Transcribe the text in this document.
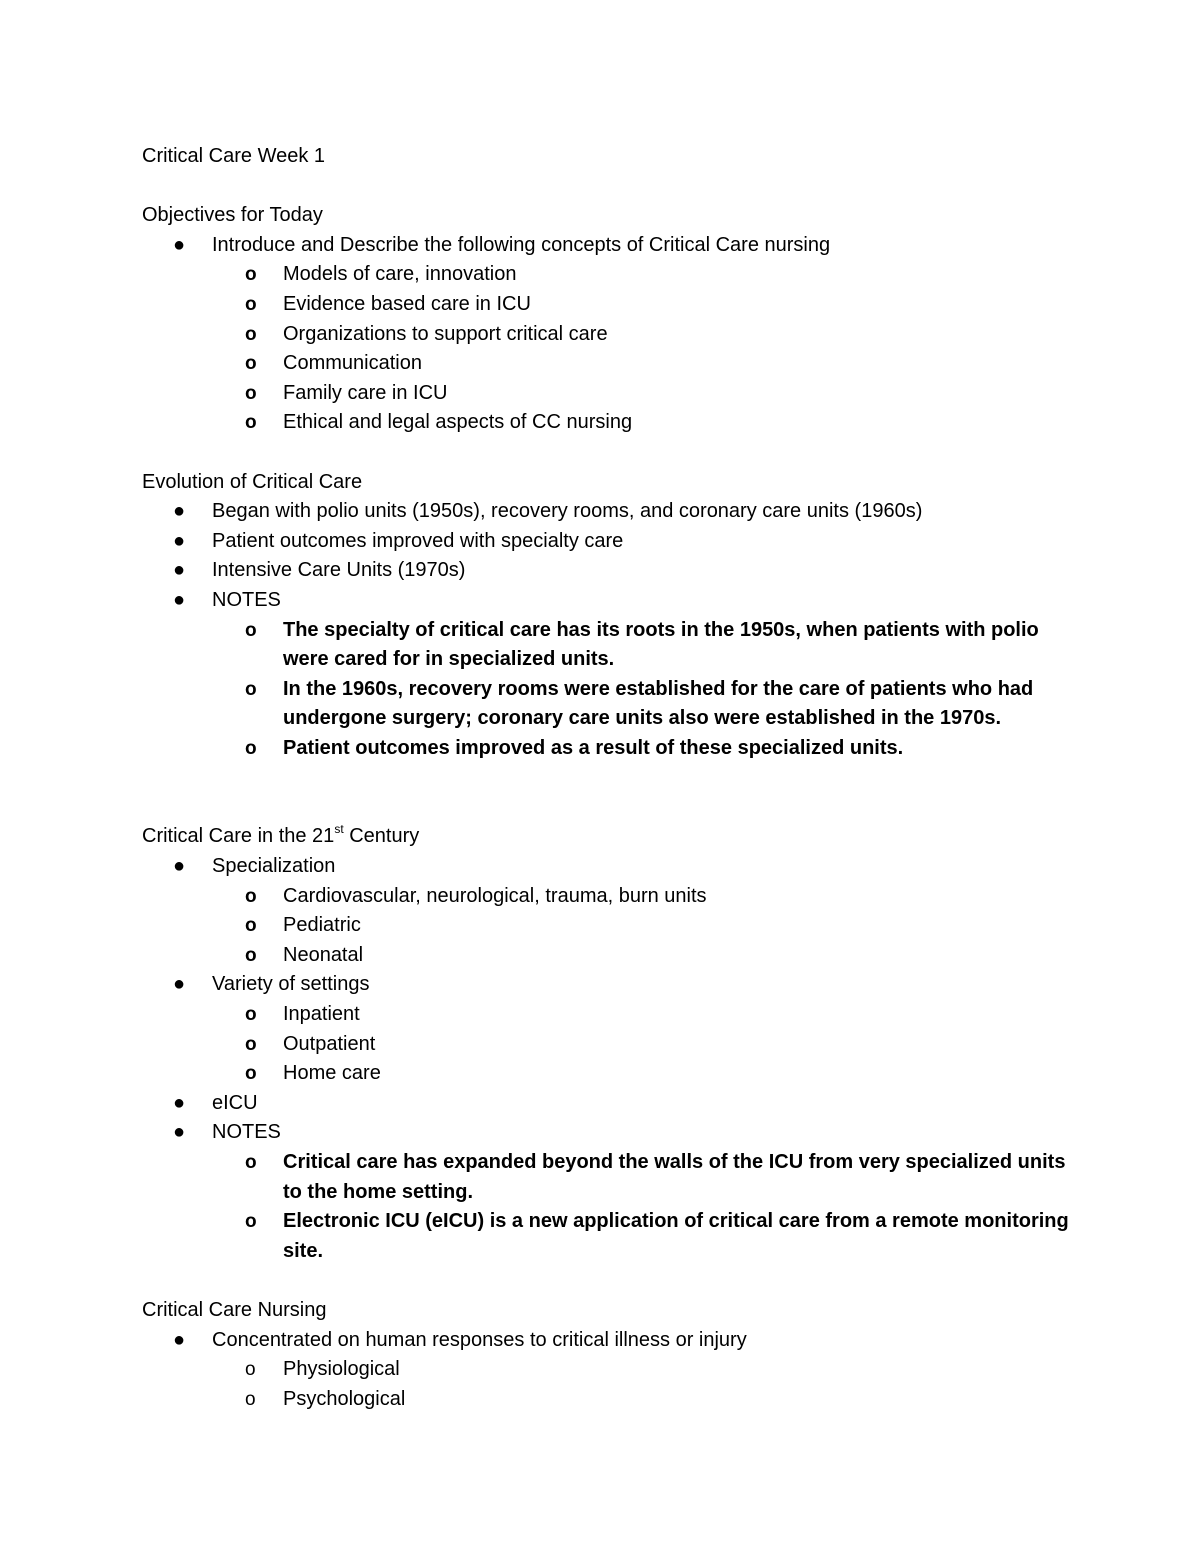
Critical Care Week 1
Objectives for Today
● Introduce and Describe the following concepts of Critical Care nursing
o Models of care, innovation
o Evidence based care in ICU
o Organizations to support critical care
o Communication
o Family care in ICU
o Ethical and legal aspects of CC nursing
Evolution of Critical Care
● Began with polio units (1950s), recovery rooms, and coronary care units (1960s)
● Patient outcomes improved with specialty care
● Intensive Care Units (1970s)
● NOTES
o The specialty of critical care has its roots in the 1950s, when patients with polio were cared for in specialized units.
o In the 1960s, recovery rooms were established for the care of patients who had undergone surgery; coronary care units also were established in the 1970s.
o Patient outcomes improved as a result of these specialized units.
Critical Care in the 21st Century
● Specialization
o Cardiovascular, neurological, trauma, burn units
o Pediatric
o Neonatal
● Variety of settings
o Inpatient
o Outpatient
o Home care
● eICU
● NOTES
o Critical care has expanded beyond the walls of the ICU from very specialized units to the home setting.
o Electronic ICU (eICU) is a new application of critical care from a remote monitoring site.
Critical Care Nursing
● Concentrated on human responses to critical illness or injury
o Physiological
o Psychological
